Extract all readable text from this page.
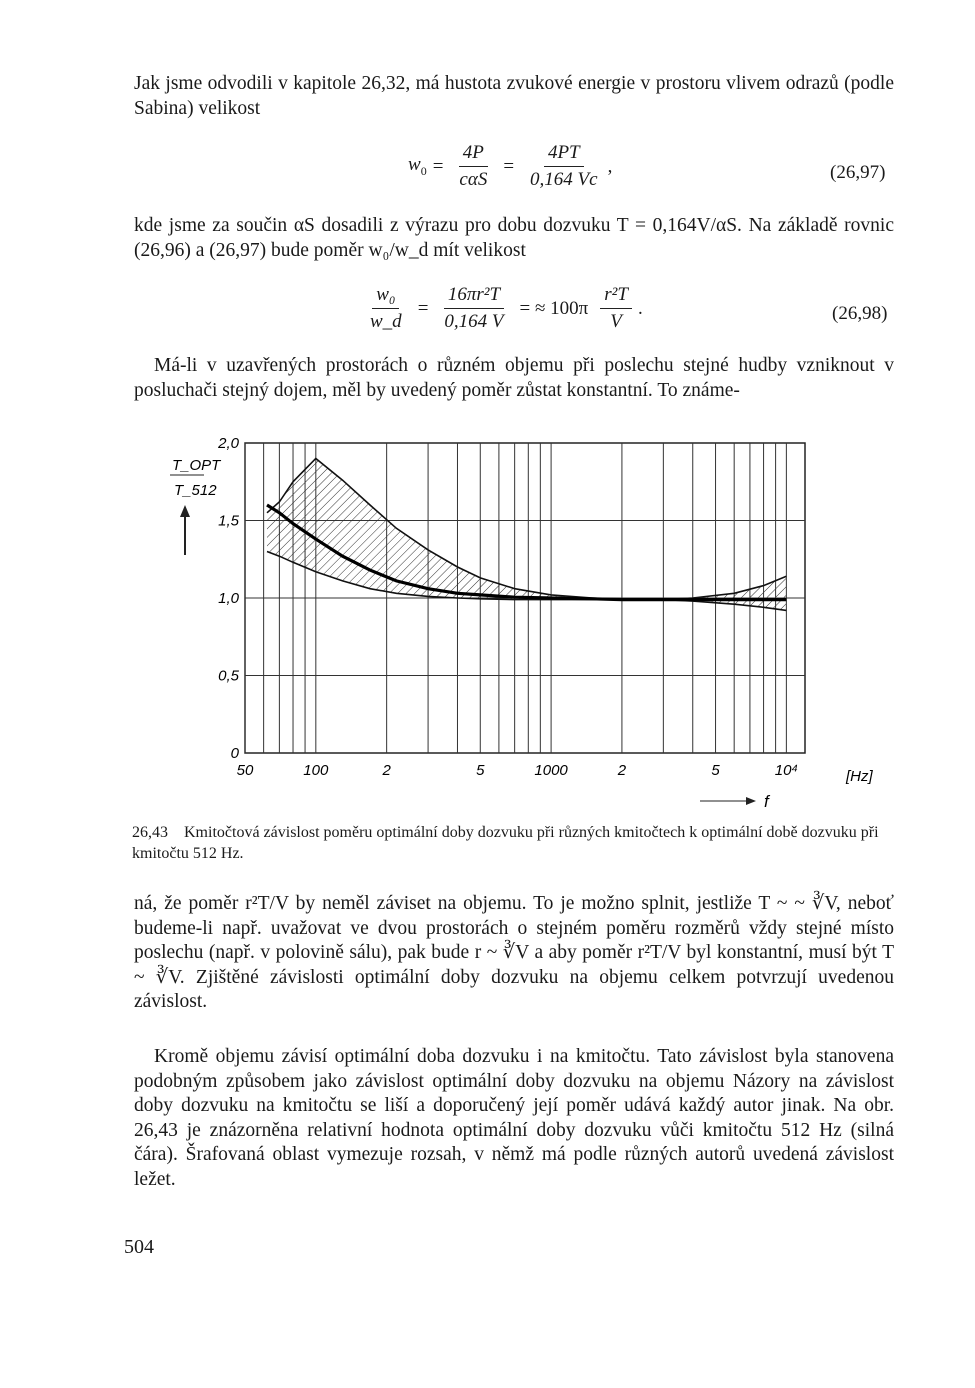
Jak jsme odvodili v kapitole 26,32, má hustota zvukové energie v prostoru vlivem odrazů (podle Sabina) velikost

$w_0 = \frac{4P}{\text{cαS}} = \frac{4PT}{0,164 Vc}$ ,	(26,97)

kde jsme za součin αS dosadili z výrazu pro dobu dozvuku T = 0,164V/αS. Na základě rovnic (26,96) a (26,97) bude poměr w₀/w_d mít velikost

$\frac{\text{w₀}}{w\_d} = \frac{\text{16πr²T}}{0,164 V}$ = ≈ $100\pi \frac{\text{r²T}}{V}$ .	(26,98)

Má-li v uzavřených prostorách o různém objemu při poslechu stejné hudby vzniknout v posluchači stejný dojem, měl by uvedený poměr zůstat konstantní. To známe-

50	100	2	5	1000	2	5	10⁴
2,0
1,5
1,0
0,5
0
T_OPT
T_512
[Hz]
f
26,43 Kmitočtová závislost poměru optimální doby dozvuku při různých kmitočtech k optimální době dozvuku při kmitočtu 512 Hz.

ná, že poměr r²T/V by neměl záviset na objemu. To je možno splnit, jestliže T ~ ~ ∛V, neboť budeme-li např. uvažovat ve dvou prostorách o stejném poměru rozměrů vždy stejné místo poslechu (např. v polovině sálu), pak bude r ~ ∛V a aby poměr r²T/V byl konstantní, musí být T ~ ∛V. Zjištěné závislosti optimální doby dozvuku na objemu celkem potvrzují uvedenou závislost.

Kromě objemu závisí optimální doba dozvuku i na kmitočtu. Tato závislost byla stanovena podobným způsobem jako závislost optimální doby dozvuku na objemu Názory na závislost doby dozvuku na kmitočtu se liší a doporučený její poměr udává každý autor jinak. Na obr. 26,43 je znázorněna relativní hodnota optimální doby dozvuku vůči kmitočtu 512 Hz (silná čára). Šrafovaná oblast vymezuje rozsah, v němž má podle různých autorů uvedená závislost ležet.

504
